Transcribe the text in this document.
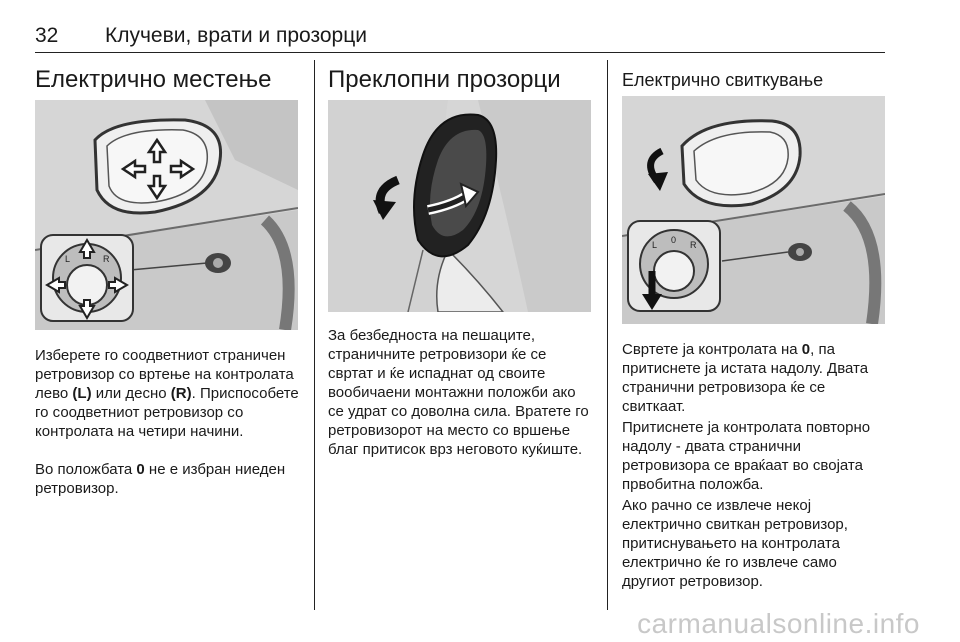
32 Клучеви, врати и прозорци
Електрично местење
L	R

Изберете го соодветниот страничен ретровизор со вртење на контролата лево (L) или десно (R). Приспособете го соодветниот ретровизор со контролата на четири начини.

Во положбата 0 не е избран ниеден ретровизор.

Преклопни прозорци

За безбедноста на пешаците, страничните ретровизори ќе се свртат и ќе испаднат од своите вообичаени монтажни положби ако се удрат со доволна сила. Вратете го ретровизорот на место со вршење благ притисок врз неговото куќиште.

Електрично свиткување
L 0 R

Свртете ја контролата на 0, па притиснете ја истата надолу. Двата странични ретровизора ќе се свиткаат.

Притиснете ја контролата повторно надолу - двата странични ретровизора се враќаат во својата првобитна положба.

Ако рачно се извлече некој електрично свиткан ретровизор, притиснувањето на контролата електрично ќе го извлече само другиот ретровизор.

carmanualsonline.info
